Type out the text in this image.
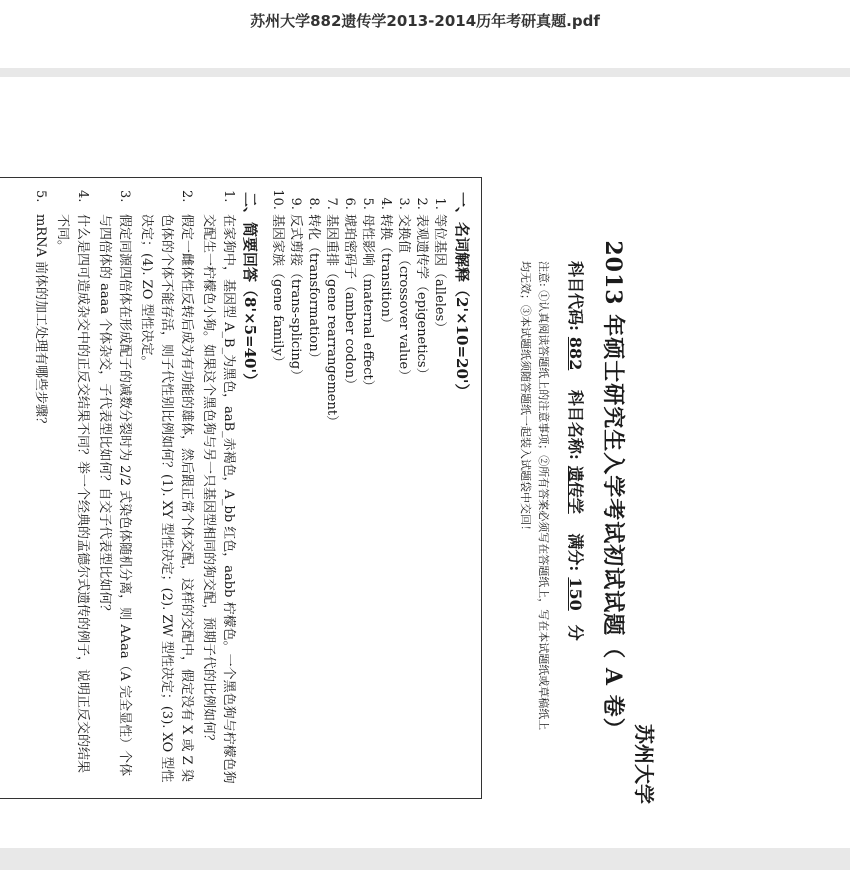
苏州大学882遗传学2013-2014历年考研真题.pdf
苏州大学
2013 年硕士研究生入学考试初试试题（ A 卷）
科目代码:882 科目名称:遗传学 满分:150分
注意: ①认真阅读答题纸上的注意事项；②所有答案必须写在答题纸上，写在本试题纸或草稿纸上
均无效；③本试题纸须随答题纸一起装入试题袋中交回！
一、名词解释（2'×10=20'）
1. 等位基因（alleles）
2. 表观遗传学（epigenetics）
3. 交换值（crossover value）
4. 转换（transition）
5. 母性影响（maternal effect）
6. 琥珀密码子（amber codon）
7. 基因重排（gene rearrangement）
8. 转化（transformation）
9. 反式剪接（trans-splicing）
10. 基因家族（gene family）
二、简要回答（8'×5=40'）
1.
在家狗中，基因型 A_B_为黑色，aaB_赤褐色，A_bb 红色，aabb 柠檬色。一个黑色狗与柠檬色狗交配生一柠檬色小狗。如果这个黑色狗与另一只基因型相同的狗交配，预期子代的比例如何？
2.
假定一雌体性反转后成为有功能的雄体，然后跟正常个体交配，这样的交配中，假定没有 X 或 Z 染色体的个体不能存活，则子代性别比例如何？(1). XY 型性决定；(2). ZW 型性决定；(3). XO 型性决定；(4). ZO 型性决定。
3.
假定同源四倍体在形成配子的减数分裂时为 2/2 式染色体随机分离，则 AAaa（A 完全显性）个体与四倍体的 aaaa 个体杂交，子代表型比如何？自交子代表型比如何？
4.
什么是四可造成杂交中的正反交结果不同？举一个经典的孟德尔式遗传的例子，说明正反交的结果不同。
5.
mRNA 前体的加工处理有哪些步骤？
